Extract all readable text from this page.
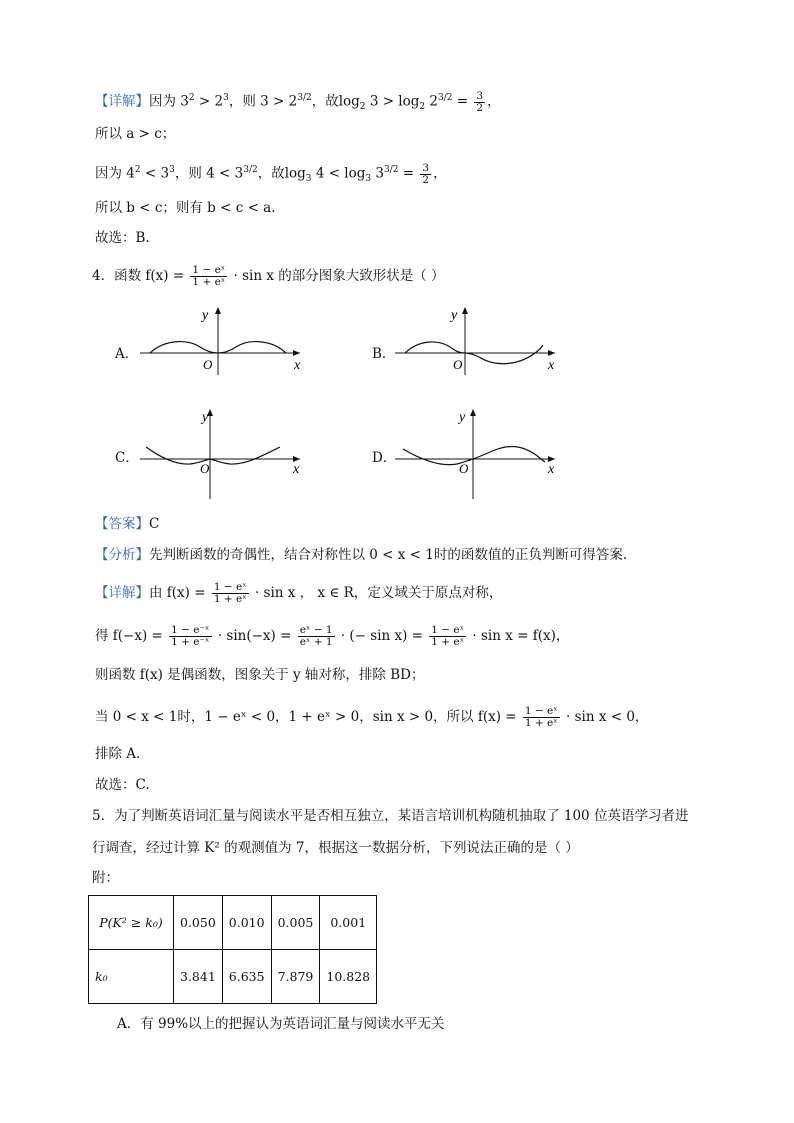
【详解】因为 $3^2 > 2^3$，则 $3 > 2^{3/2}$，故$\log_2 3 > \log_2 2^{3/2} = \frac{3}{2}$ ，
所以 a > c；
因为 $4^2 < 3^3$，则 $4 < 3^{3/2}$，故$\log_3 4 < \log_3 3^{3/2} = \frac{3}{2}$ ，
所以 b < c；则有 b < c < a．
故选：B.
4．函数 $f(x) = \frac{\text{1 − eˣ}}{\text{1 + eˣ}} \cdot \sin x$ 的部分图象大致形状是（ ）
A．
y
x
O
B．
y
x
O
C．
y
x
O
D．
y
x
O
【答案】C
【分析】先判断函数的奇偶性，结合对称性以 0 < x < 1时的函数值的正负判断可得答案.
【详解】由 $f(x) = \frac{\text{1 − eˣ}}{\text{1 + eˣ}} \cdot \sin x$ ， x ∈ R，定义域关于原点对称，
得 $f(-x) = \frac{\text{1 − e⁻ˣ}}{\text{1 + e⁻ˣ}} \cdot \sin(-x) = \frac{\text{eˣ − 1}}{\text{eˣ + 1}}$ · (− $\sin x) = \frac{\text{1 − eˣ}}{\text{1 + eˣ}} \cdot \sin x = f(x)$，
则函数 f(x) 是偶函数，图象关于 y 轴对称，排除 BD；
当 0 < x < 1时，1 − eˣ < 0，1 + eˣ > 0，sin x > 0，所以 $f(x) = \frac{\text{1 − eˣ}}{\text{1 + eˣ}} \cdot \sin x < 0$，
排除 A.
故选：C.
5．为了判断英语词汇量与阅读水平是否相互独立，某语言培训机构随机抽取了 100 位英语学习者进
行调查，经过计算 K² 的观测值为 7，根据这一数据分析，下列说法正确的是（ ）
附：
P(K² ≥ k₀)	0.050	0.010	0.005	0.001
k₀	3.841	6.635	7.879	10.828
A．有 99%以上的把握认为英语词汇量与阅读水平无关
